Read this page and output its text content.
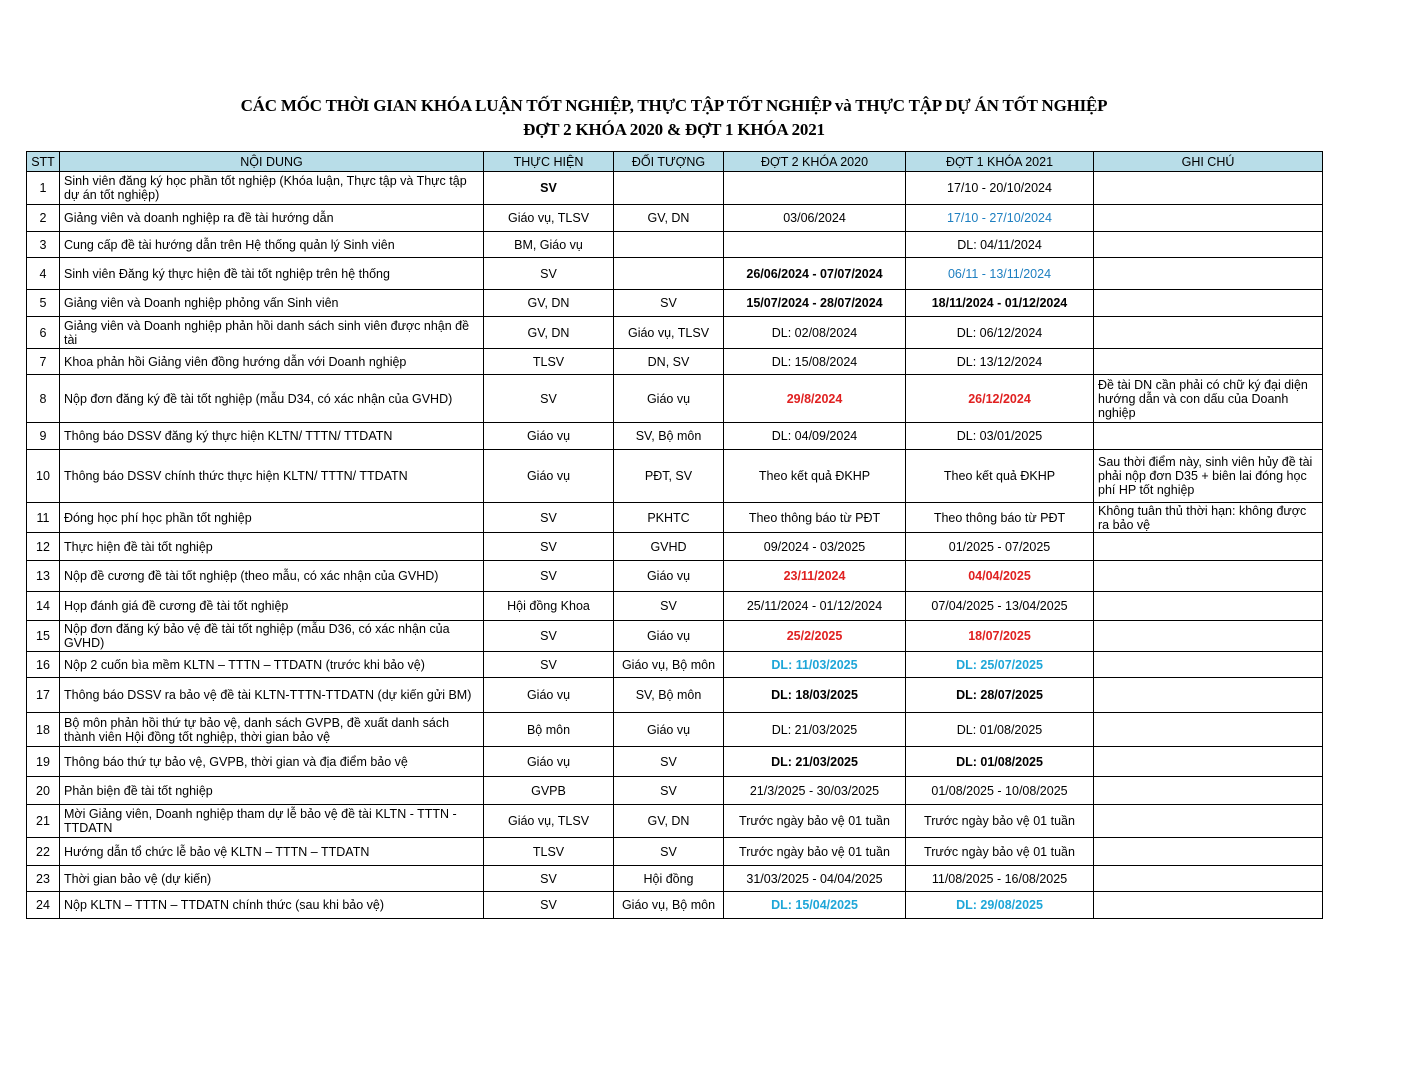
CÁC MỐC THỜI GIAN KHÓA LUẬN TỐT NGHIỆP, THỰC TẬP TỐT NGHIỆP và THỰC TẬP DỰ ÁN TỐT NGHIỆP
ĐỢT 2 KHÓA 2020 & ĐỢT 1 KHÓA 2021
STT	NỘI DUNG	THỰC HIỆN	ĐỐI TƯỢNG	ĐỢT 2 KHÓA 2020	ĐỢT 1 KHÓA 2021	GHI CHÚ
1	Sinh viên đăng ký học phần tốt nghiệp (Khóa luận, Thực tập và Thực tập dự án tốt nghiệp)	SV			17/10 - 20/10/2024	
2	Giảng viên và doanh nghiệp ra đề tài hướng dẫn	Giáo vụ, TLSV	GV, DN	03/06/2024	17/10 - 27/10/2024	
3	Cung cấp đề tài hướng dẫn trên Hệ thống quản lý Sinh viên	BM, Giáo vụ			DL: 04/11/2024	
4	Sinh viên Đăng ký thực hiện đề tài tốt nghiệp trên hệ thống	SV		26/06/2024 - 07/07/2024	06/11 - 13/11/2024	
5	Giảng viên và Doanh nghiệp phỏng vấn Sinh viên	GV, DN	SV	15/07/2024 - 28/07/2024	18/11/2024 - 01/12/2024	
6	Giảng viên và Doanh nghiệp phản hồi danh sách sinh viên được nhận đề tài	GV, DN	Giáo vụ, TLSV	DL: 02/08/2024	DL: 06/12/2024	
7	Khoa phản hồi Giảng viên đồng hướng dẫn với Doanh nghiệp	TLSV	DN, SV	DL: 15/08/2024	DL: 13/12/2024	
8	Nộp đơn đăng ký đề tài tốt nghiệp (mẫu D34, có xác nhận của GVHD)	SV	Giáo vụ	29/8/2024	26/12/2024	Đề tài DN cần phải có chữ ký đại diện hướng dẫn và con dấu của Doanh nghiệp
9	Thông báo DSSV đăng ký thực hiện KLTN/ TTTN/ TTDATN	Giáo vụ	SV, Bộ môn	DL: 04/09/2024	DL: 03/01/2025	
10	Thông báo DSSV chính thức thực hiện KLTN/ TTTN/ TTDATN	Giáo vụ	PĐT, SV	Theo kết quả ĐKHP	Theo kết quả ĐKHP	Sau thời điểm này, sinh viên hủy đề tài phải nộp đơn D35 + biên lai đóng học phí HP tốt nghiệp
11	Đóng học phí học phần tốt nghiệp	SV	PKHTC	Theo thông báo từ PĐT	Theo thông báo từ PĐT	Không tuân thủ thời hạn: không được ra bảo vệ
12	Thực hiện đề tài tốt nghiệp	SV	GVHD	09/2024 - 03/2025	01/2025 - 07/2025	
13	Nộp đề cương đề tài tốt nghiệp (theo mẫu, có xác nhận của GVHD)	SV	Giáo vụ	23/11/2024	04/04/2025	
14	Họp đánh giá đề cương đề tài tốt nghiệp	Hội đồng Khoa	SV	25/11/2024 - 01/12/2024	07/04/2025 - 13/04/2025	
15	Nộp đơn đăng ký bảo vệ đề tài tốt nghiệp (mẫu D36, có xác nhận của GVHD)	SV	Giáo vụ	25/2/2025	18/07/2025	
16	Nộp 2 cuốn bìa mềm KLTN – TTTN – TTDATN (trước khi bảo vệ)	SV	Giáo vụ, Bộ môn	DL: 11/03/2025	DL: 25/07/2025	
17	Thông báo DSSV ra bảo vệ đề tài KLTN-TTTN-TTDATN (dự kiến gửi BM)	Giáo vụ	SV, Bộ môn	DL: 18/03/2025	DL: 28/07/2025	
18	Bộ môn phản hồi thứ tự bảo vệ, danh sách GVPB, đề xuất danh sách thành viên Hội đồng tốt nghiệp, thời gian bảo vệ	Bộ môn	Giáo vụ	DL: 21/03/2025	DL: 01/08/2025	
19	Thông báo thứ tự bảo vệ, GVPB, thời gian và địa điểm bảo vệ	Giáo vụ	SV	DL: 21/03/2025	DL: 01/08/2025	
20	Phản biện đề tài tốt nghiệp	GVPB	SV	21/3/2025 - 30/03/2025	01/08/2025 - 10/08/2025	
21	Mời Giảng viên, Doanh nghiệp tham dự lễ bảo vệ đề tài KLTN - TTTN - TTDATN	Giáo vụ, TLSV	GV, DN	Trước ngày bảo vệ 01 tuần	Trước ngày bảo vệ 01 tuần	
22	Hướng dẫn tổ chức lễ bảo vệ KLTN – TTTN – TTDATN	TLSV	SV	Trước ngày bảo vệ 01 tuần	Trước ngày bảo vệ 01 tuần	
23	Thời gian bảo vệ (dự kiến)	SV	Hội đồng	31/03/2025 - 04/04/2025	11/08/2025 - 16/08/2025	
24	Nộp KLTN – TTTN – TTDATN chính thức (sau khi bảo vệ)	SV	Giáo vụ, Bộ môn	DL: 15/04/2025	DL: 29/08/2025	
